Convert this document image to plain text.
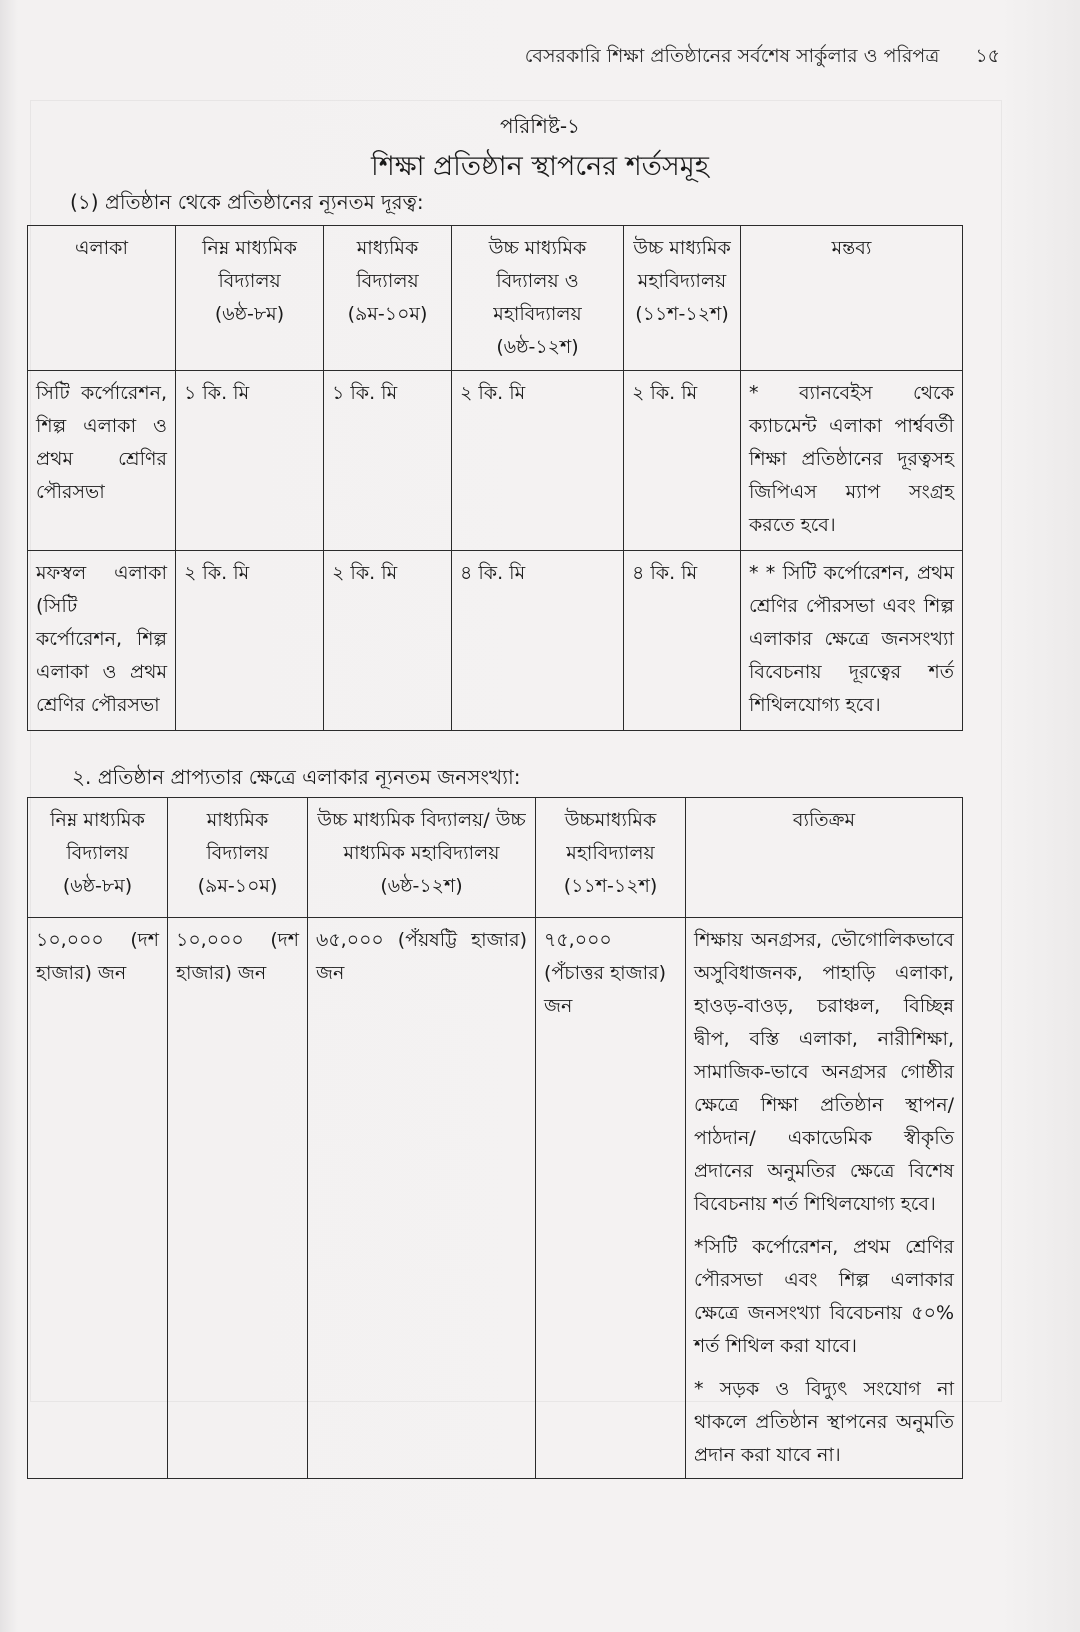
বেসরকারি শিক্ষা প্রতিষ্ঠানের সর্বশেষ সার্কুলার ও পরিপত্র ১৫
পরিশিষ্ট-১
শিক্ষা প্রতিষ্ঠান স্থাপনের শর্তসমূহ
(১) প্রতিষ্ঠান থেকে প্রতিষ্ঠানের ন্যূনতম দূরত্ব:
এলাকা	নিম্ন মাধ্যমিক বিদ্যালয় (৬ষ্ঠ-৮ম)	মাধ্যমিক বিদ্যালয় (৯ম-১০ম)	উচ্চ মাধ্যমিক বিদ্যালয় ও মহাবিদ্যালয় (৬ষ্ঠ-১২শ)	উচ্চ মাধ্যমিক মহাবিদ্যালয় (১১শ-১২শ)	মন্তব্য
সিটি কর্পোরেশন, শিল্প এলাকা ও প্রথম শ্রেণির পৌরসভা	১ কি. মি	১ কি. মি	২ কি. মি	২ কি. মি	* ব্যানবেইস থেকে ক্যাচমেন্ট এলাকা পার্শ্ববর্তী শিক্ষা প্রতিষ্ঠানের দূরত্বসহ জিপিএস ম্যাপ সংগ্রহ করতে হবে।
মফস্বল এলাকা (সিটি কর্পোরেশন, শিল্প এলাকা ও প্রথম শ্রেণির পৌরসভা	২ কি. মি	২ কি. মি	৪ কি. মি	৪ কি. মি	* * সিটি কর্পোরেশন, প্রথম শ্রেণির পৌরসভা এবং শিল্প এলাকার ক্ষেত্রে জনসংখ্যা বিবেচনায় দূরত্বের শর্ত শিথিলযোগ্য হবে।
২. প্রতিষ্ঠান প্রাপ্যতার ক্ষেত্রে এলাকার ন্যূনতম জনসংখ্যা:
নিম্ন মাধ্যমিক বিদ্যালয় (৬ষ্ঠ-৮ম)	মাধ্যমিক বিদ্যালয় (৯ম-১০ম)	উচ্চ মাধ্যমিক বিদ্যালয়/ উচ্চ মাধ্যমিক মহাবিদ্যালয় (৬ষ্ঠ-১২শ)	উচ্চমাধ্যমিক মহাবিদ্যালয় (১১শ-১২শ)	ব্যতিক্রম
১০,০০০ (দশ হাজার) জন	১০,০০০ (দশ হাজার) জন	৬৫,০০০ (পঁয়ষট্টি হাজার) জন	৭৫,০০০ (পঁচাত্তর হাজার) জন	শিক্ষায় অনগ্রসর, ভৌগোলিকভাবে অসুবিধাজনক, পাহাড়ি এলাকা, হাওড়-বাওড়, চরাঞ্চল, বিচ্ছিন্ন দ্বীপ, বস্তি এলাকা, নারীশিক্ষা, সামাজিক-ভাবে অনগ্রসর গোষ্ঠীর ক্ষেত্রে শিক্ষা প্রতিষ্ঠান স্থাপন/ পাঠদান/ একাডেমিক স্বীকৃতি প্রদানের অনুমতির ক্ষেত্রে বিশেষ বিবেচনায় শর্ত শিথিলযোগ্য হবে।

*সিটি কর্পোরেশন, প্রথম শ্রেণির পৌরসভা এবং শিল্প এলাকার ক্ষেত্রে জনসংখ্যা বিবেচনায় ৫০% শর্ত শিথিল করা যাবে।

* সড়ক ও বিদ্যুৎ সংযোগ না থাকলে প্রতিষ্ঠান স্থাপনের অনুমতি প্রদান করা যাবে না।
